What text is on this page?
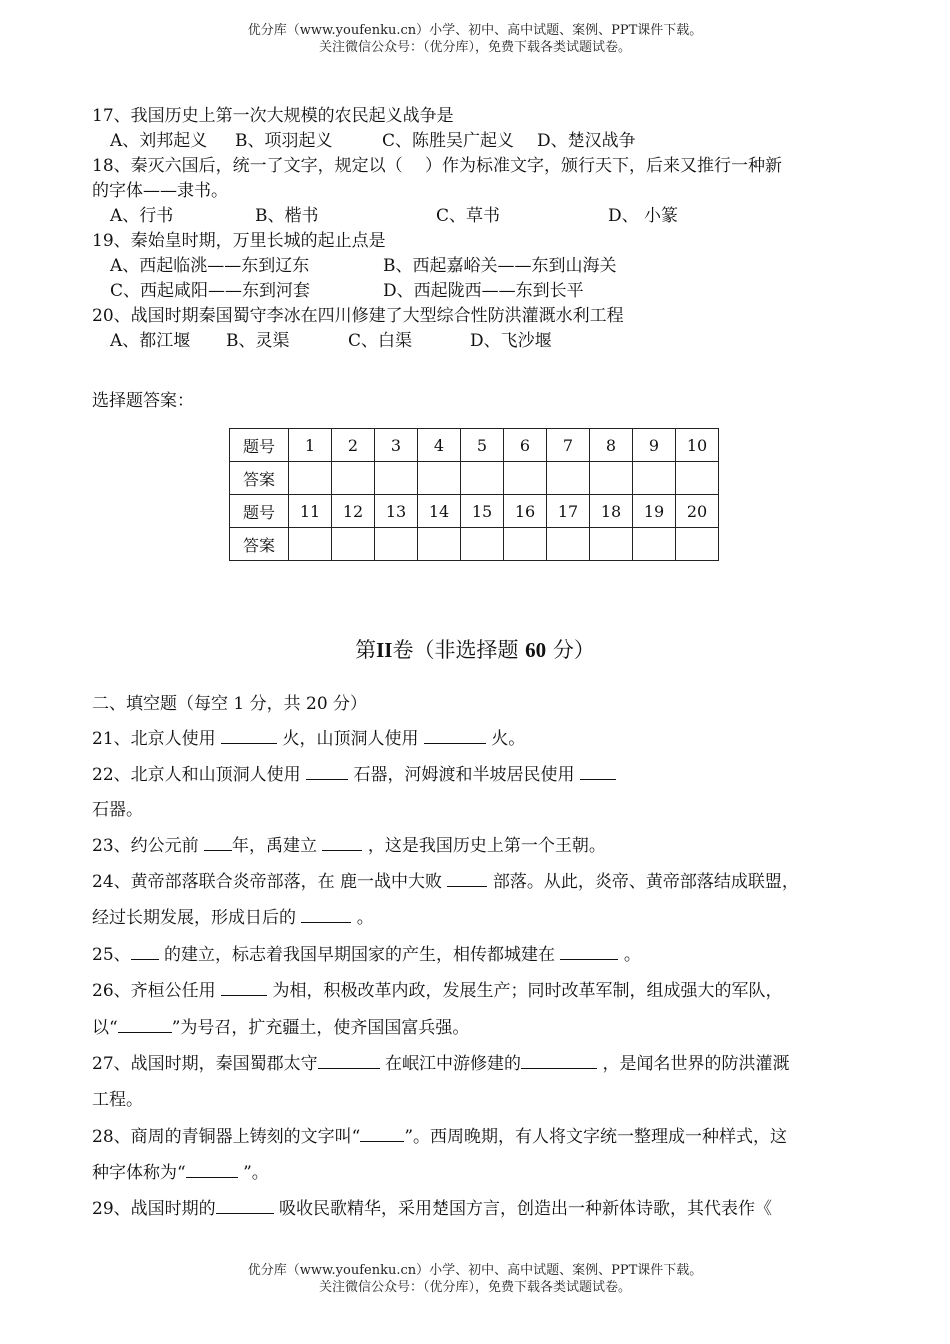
优分库（www.youfenku.cn）小学、初中、高中试题、案例、PPT课件下载。
关注微信公众号：（优分库），免费下载各类试题试卷。
17、我国历史上第一次大规模的农民起义战争是
A、刘邦起义 B、项羽起义	C、陈胜吴广起义 D、楚汉战争
18、秦灭六国后，统一了文字，规定以（　 ）作为标准文字，颁行天下，后来又推行一种新
的字体——隶书。
A、行书	B、楷书	C、草书	D、 小篆
19、秦始皇时期，万里长城的起止点是
A、西起临洮——东到辽东	B、西起嘉峪关——东到山海关
C、西起咸阳——东到河套	D、西起陇西——东到长平
20、战国时期秦国蜀守李冰在四川修建了大型综合性防洪灌溉水利工程
A、都江堰 B、灵渠	C、白渠	D、飞沙堰
选择题答案：
题号	1	2	3	4	5	6	7	8	9	10
答案										
题号	11	12	13	14	15	16	17	18	19	20
答案										
第II卷（非选择题 60 分）
二、填空题（每空 1 分，共 20 分）
21、北京人使用	火，山顶洞人使用	火。
22、北京人和山顶洞人使用  石器，河姆渡和半坡居民使用
石器。
23、约公元前 年，禹建立  ，这是我国历史上第一个王朝。
24、黄帝部落联合炎帝部落，在 鹿一战中大败  部落。从此，炎帝、黄帝部落结成联盟，
经过长期发展，形成日后的	。
25、 的建立，标志着我国早期国家的产生，相传都城建在	。
26、齐桓公任用	为相，积极改革内政，发展生产；同时改革军制，组成强大的军队，
以“	”为号召，扩充疆土，使齐国国富兵强。
27、战国时期，秦国蜀郡太守	在岷江中游修建的	，是闻名世界的防洪灌溉
工程。
28、商周的青铜器上铸刻的文字叫“	”。西周晚期，有人将文字统一整理成一种样式，这
种字体称为“	”。
29、战国时期的	吸收民歌精华，采用楚国方言，创造出一种新体诗歌，其代表作《
优分库（www.youfenku.cn）小学、初中、高中试题、案例、PPT课件下载。
关注微信公众号：（优分库），免费下载各类试题试卷。
